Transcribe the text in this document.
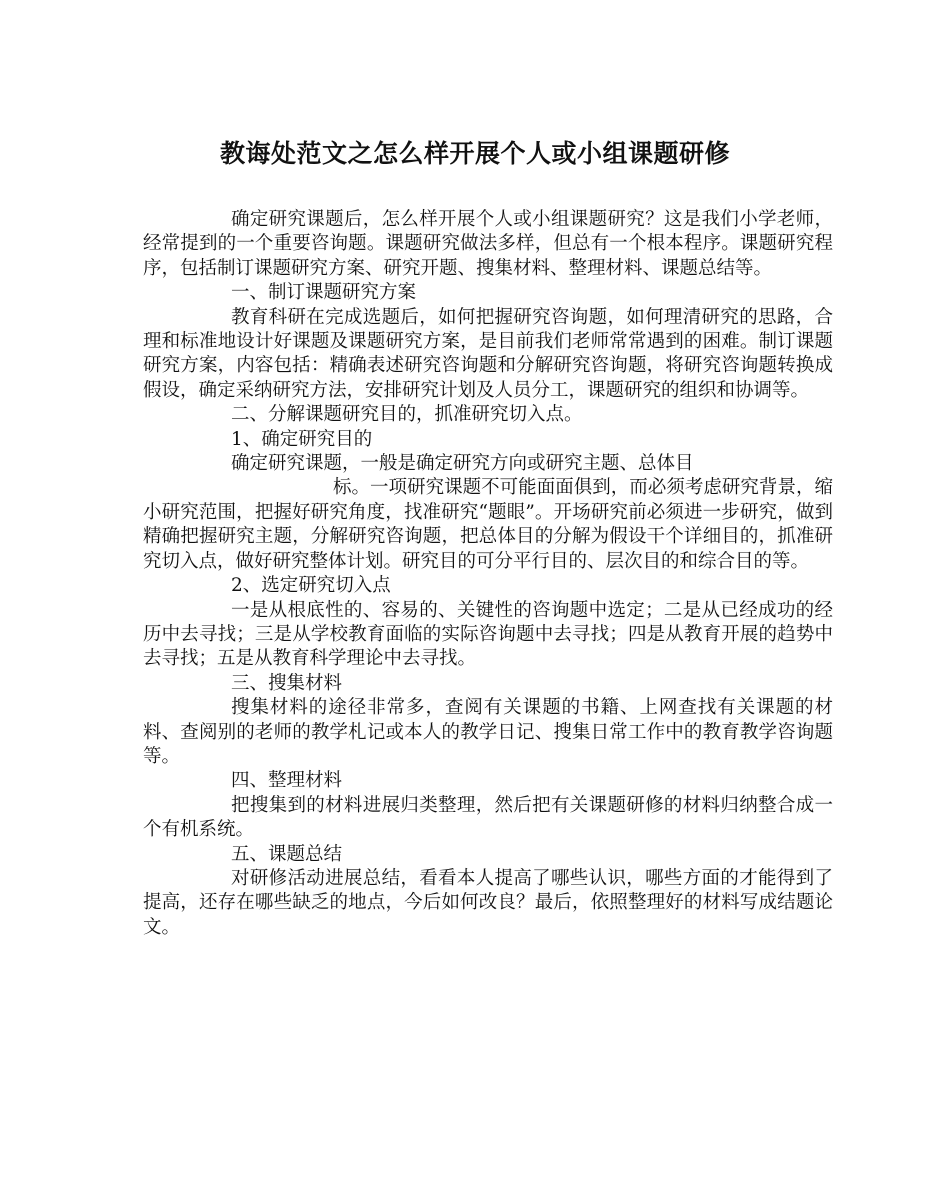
教诲处范文之怎么样开展个人或小组课题研修

确定研究课题后，怎么样开展个人或小组课题研究？这是我们小学老师，经常提到的一个重要咨询题。课题研究做法多样，但总有一个根本程序。课题研究程序，包括制订课题研究方案、研究开题、搜集材料、整理材料、课题总结等。

一、制订课题研究方案

教育科研在完成选题后，如何把握研究咨询题，如何理清研究的思路，合理和标准地设计好课题及课题研究方案，是目前我们老师常常遇到的困难。制订课题研究方案，内容包括：精确表述研究咨询题和分解研究咨询题，将研究咨询题转换成假设，确定采纳研究方法，安排研究计划及人员分工，课题研究的组织和协调等。

二、分解课题研究目的，抓准研究切入点。

1、确定研究目的

确定研究课题，一般是确定研究方向或研究主题、总体目

标。一项研究课题不可能面面俱到，而必须考虑研究背景，缩小研究范围，把握好研究角度，找准研究“题眼”。开场研究前必须进一步研究，做到精确把握研究主题，分解研究咨询题，把总体目的分解为假设干个详细目的，抓准研究切入点，做好研究整体计划。研究目的可分平行目的、层次目的和综合目的等。

2、选定研究切入点

一是从根底性的、容易的、关键性的咨询题中选定；二是从已经成功的经历中去寻找；三是从学校教育面临的实际咨询题中去寻找；四是从教育开展的趋势中去寻找；五是从教育科学理论中去寻找。

三、搜集材料

搜集材料的途径非常多，查阅有关课题的书籍、上网查找有关课题的材料、查阅别的老师的教学札记或本人的教学日记、搜集日常工作中的教育教学咨询题等。

四、整理材料

把搜集到的材料进展归类整理，然后把有关课题研修的材料归纳整合成一个有机系统。

五、课题总结

对研修活动进展总结，看看本人提高了哪些认识，哪些方面的才能得到了提高，还存在哪些缺乏的地点，今后如何改良？最后，依照整理好的材料写成结题论文。
